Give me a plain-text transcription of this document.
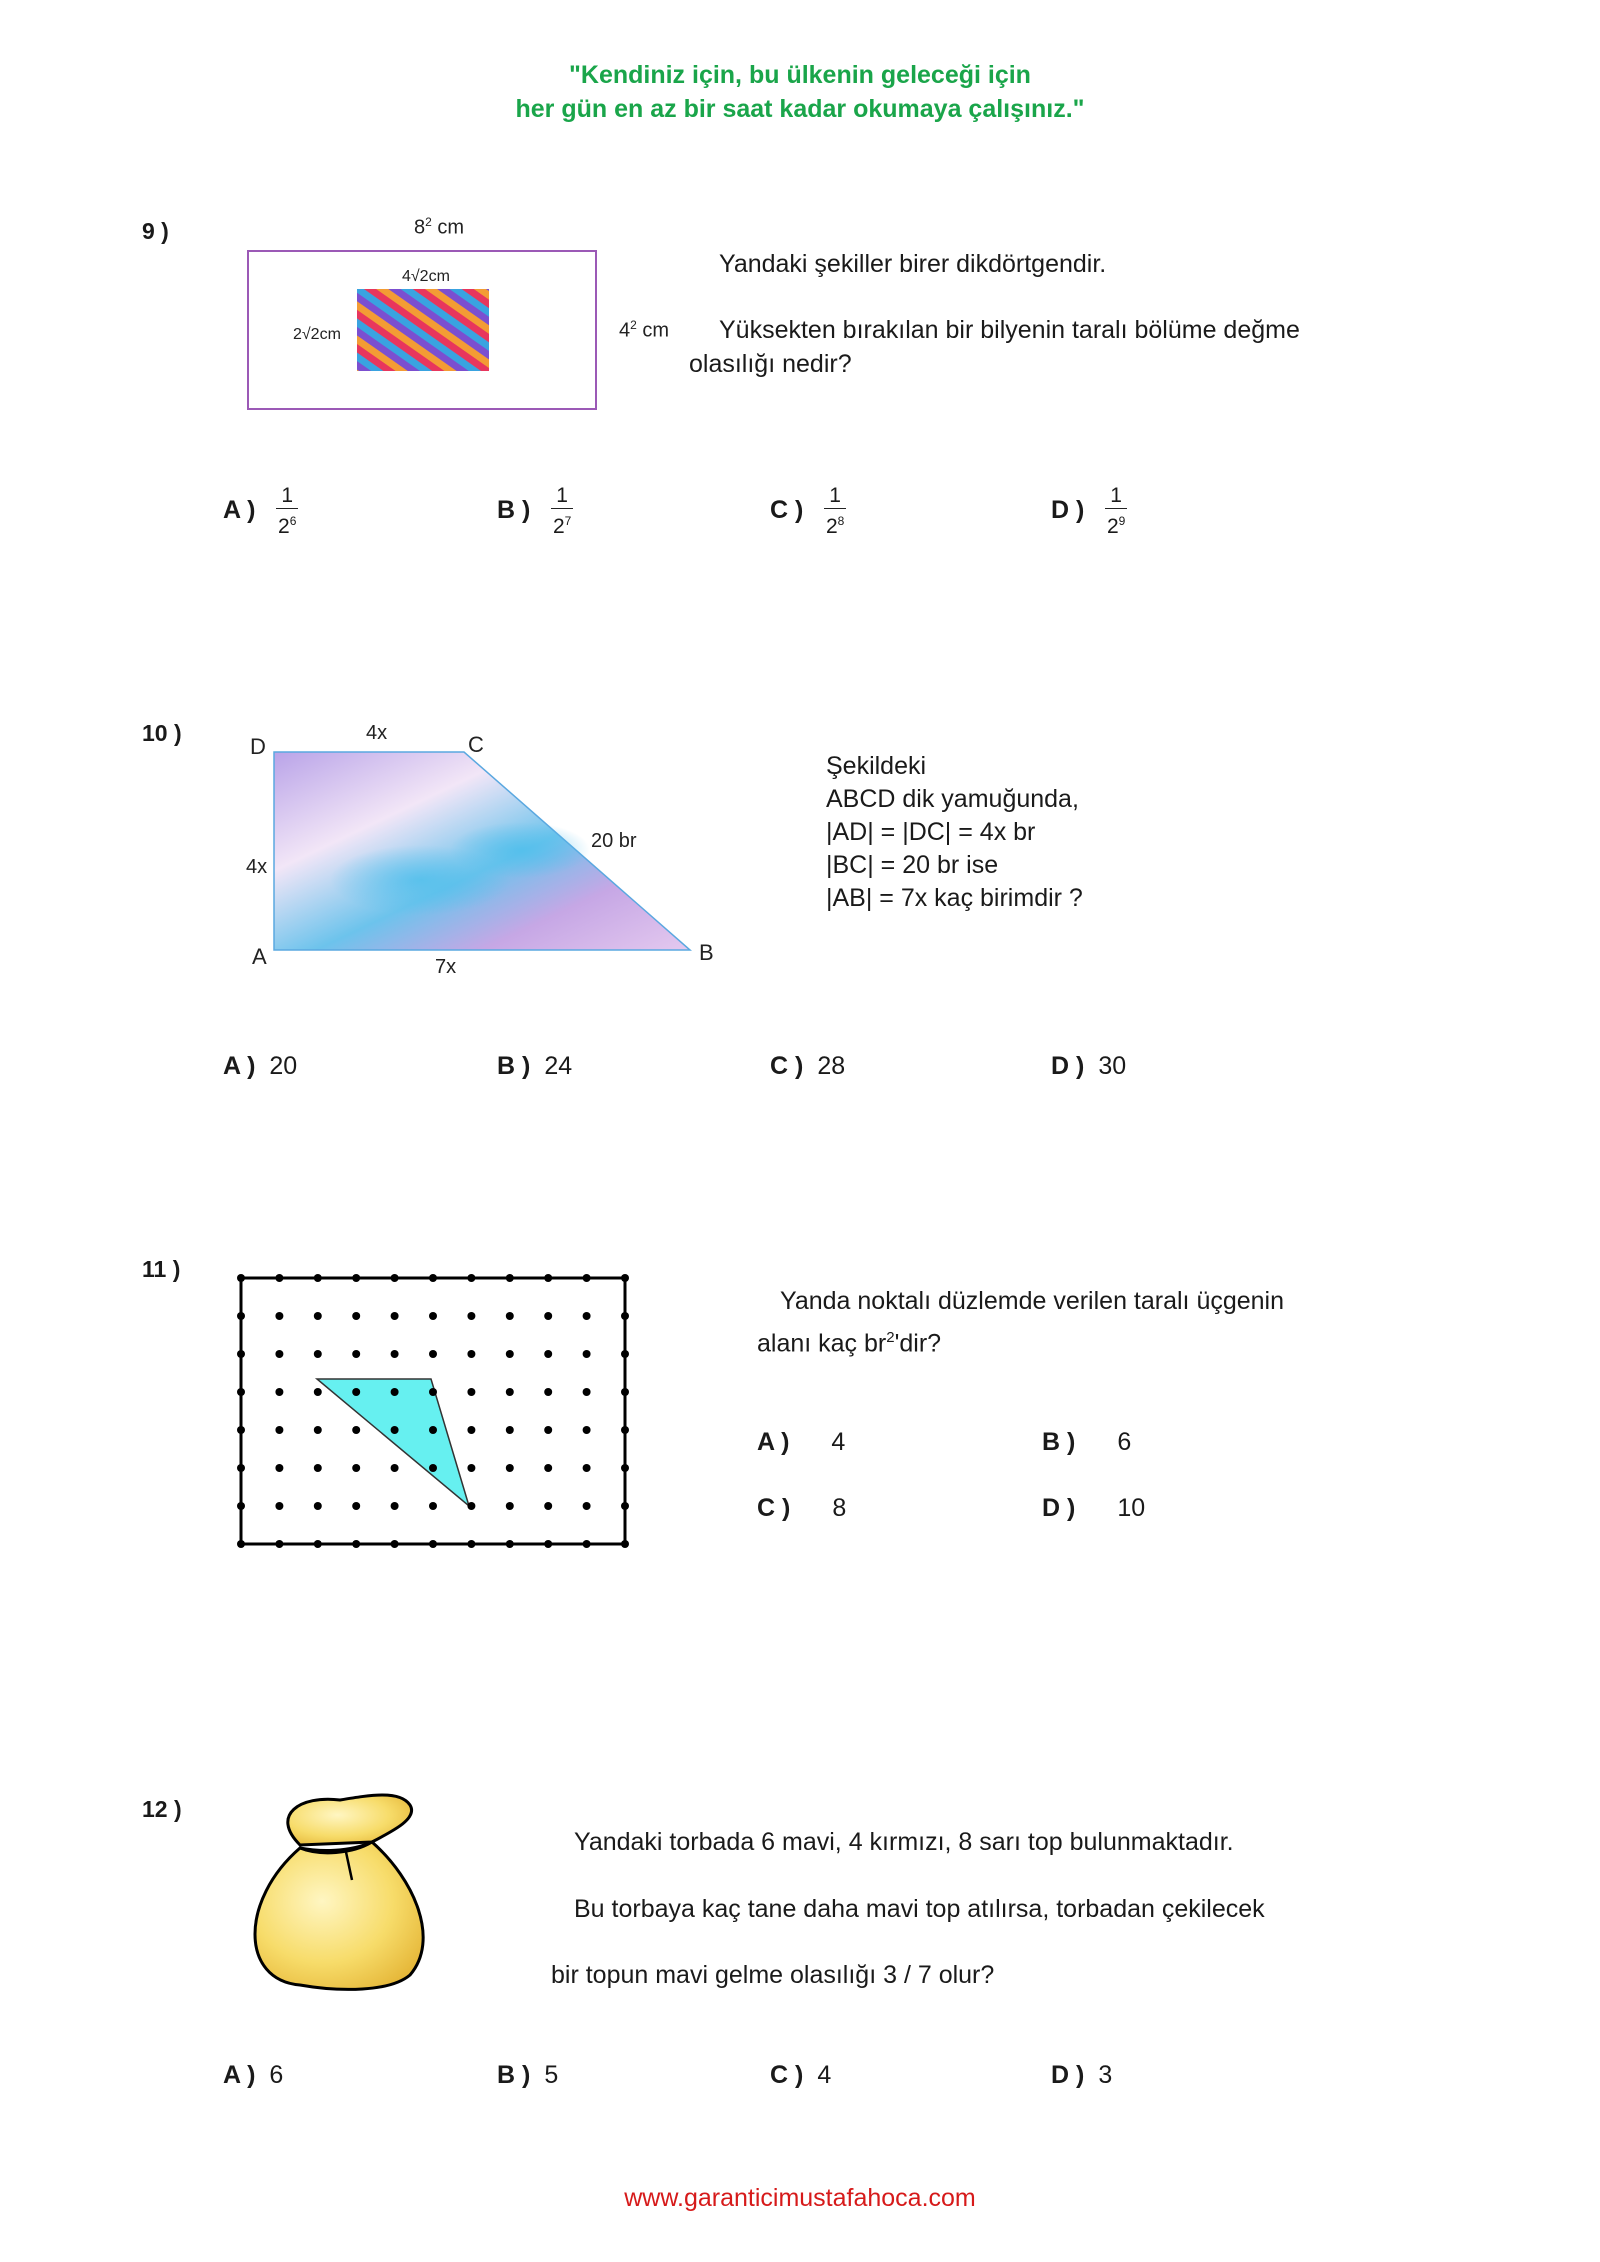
"Kendiniz için, bu ülkenin geleceği için
her gün en az bir saat kadar okumaya çalışınız."
9 )	$8^2$ cm
4√2cm
2√2cm	$4^2$ cm
Yandaki şekiller birer dikdörtgendir.
Yüksekten bırakılan bir bilyenin taralı bölüme değme
olasılığı nedir?
A ) $\frac{1}{2^6}$	B ) $\frac{1}{2^7}$	C ) $\frac{1}{2^8}$	D ) $\frac{1}{2^9}$
10 )
D	C
A	B
4x
4x
7x
20 br
Şekildeki
ABCD dik yamuğunda,
|AD| = |DC| = 4x br
|BC| = 20 br ise
|AB| = 7x kaç birimdir ?
A ) 20	B ) 24	C ) 28	D ) 30
11 )
Yanda noktalı düzlemde verilen taralı üçgenin
alanı kaç $br^2'dir$?
A ) 4	B ) 6
C ) 8	D ) 10
12 )
Yandaki torbada 6 mavi, 4 kırmızı, 8 sarı top bulunmaktadır.
Bu torbaya kaç tane daha mavi top atılırsa, torbadan çekilecek
bir topun mavi gelme olasılığı 3 / 7 olur?
A ) 6	B ) 5	C ) 4	D ) 3
www.garanticimustafahoca.com
